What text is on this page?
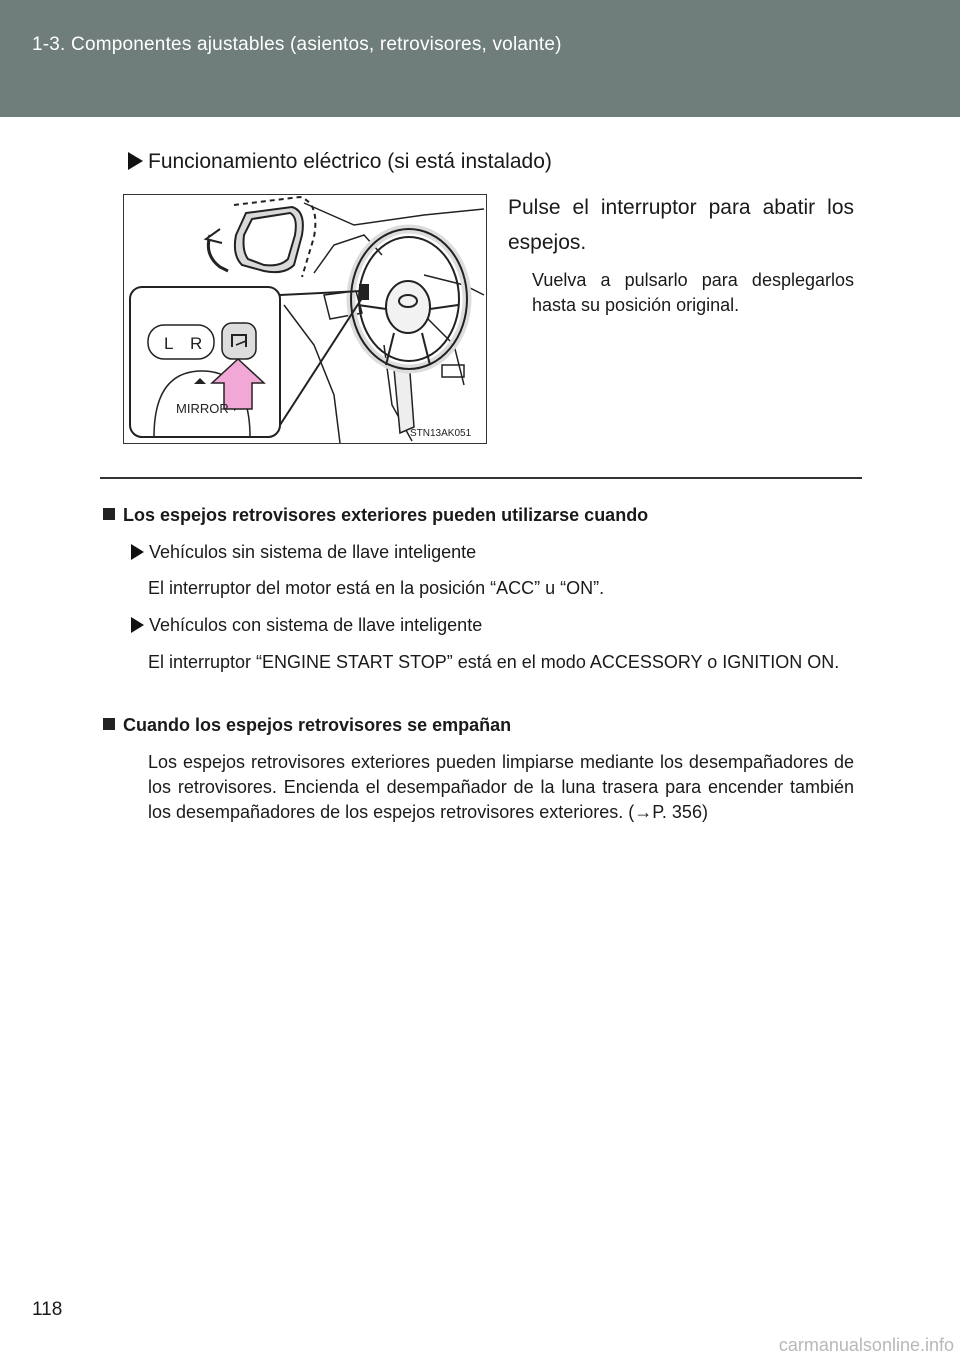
1-3. Componentes ajustables (asientos, retrovisores, volante)
Funcionamiento eléctrico (si está instalado)
L R
MIRROR
STN13AK051
Pulse el interruptor para abatir los espejos.
Vuelva a pulsarlo para desplegarlos hasta su posición original.
Los espejos retrovisores exteriores pueden utilizarse cuando
Vehículos sin sistema de llave inteligente
El interruptor del motor está en la posición “ACC” u “ON”.
Vehículos con sistema de llave inteligente
El interruptor “ENGINE START STOP” está en el modo ACCESSORY o IGNITION ON.
Cuando los espejos retrovisores se empañan
Los espejos retrovisores exteriores pueden limpiarse mediante los desempañadores de los retrovisores. Encienda el desempañador de la luna trasera para encender también los desempañadores de los espejos retrovisores exteriores. (→P. 356)
118
carmanualsonline.info
